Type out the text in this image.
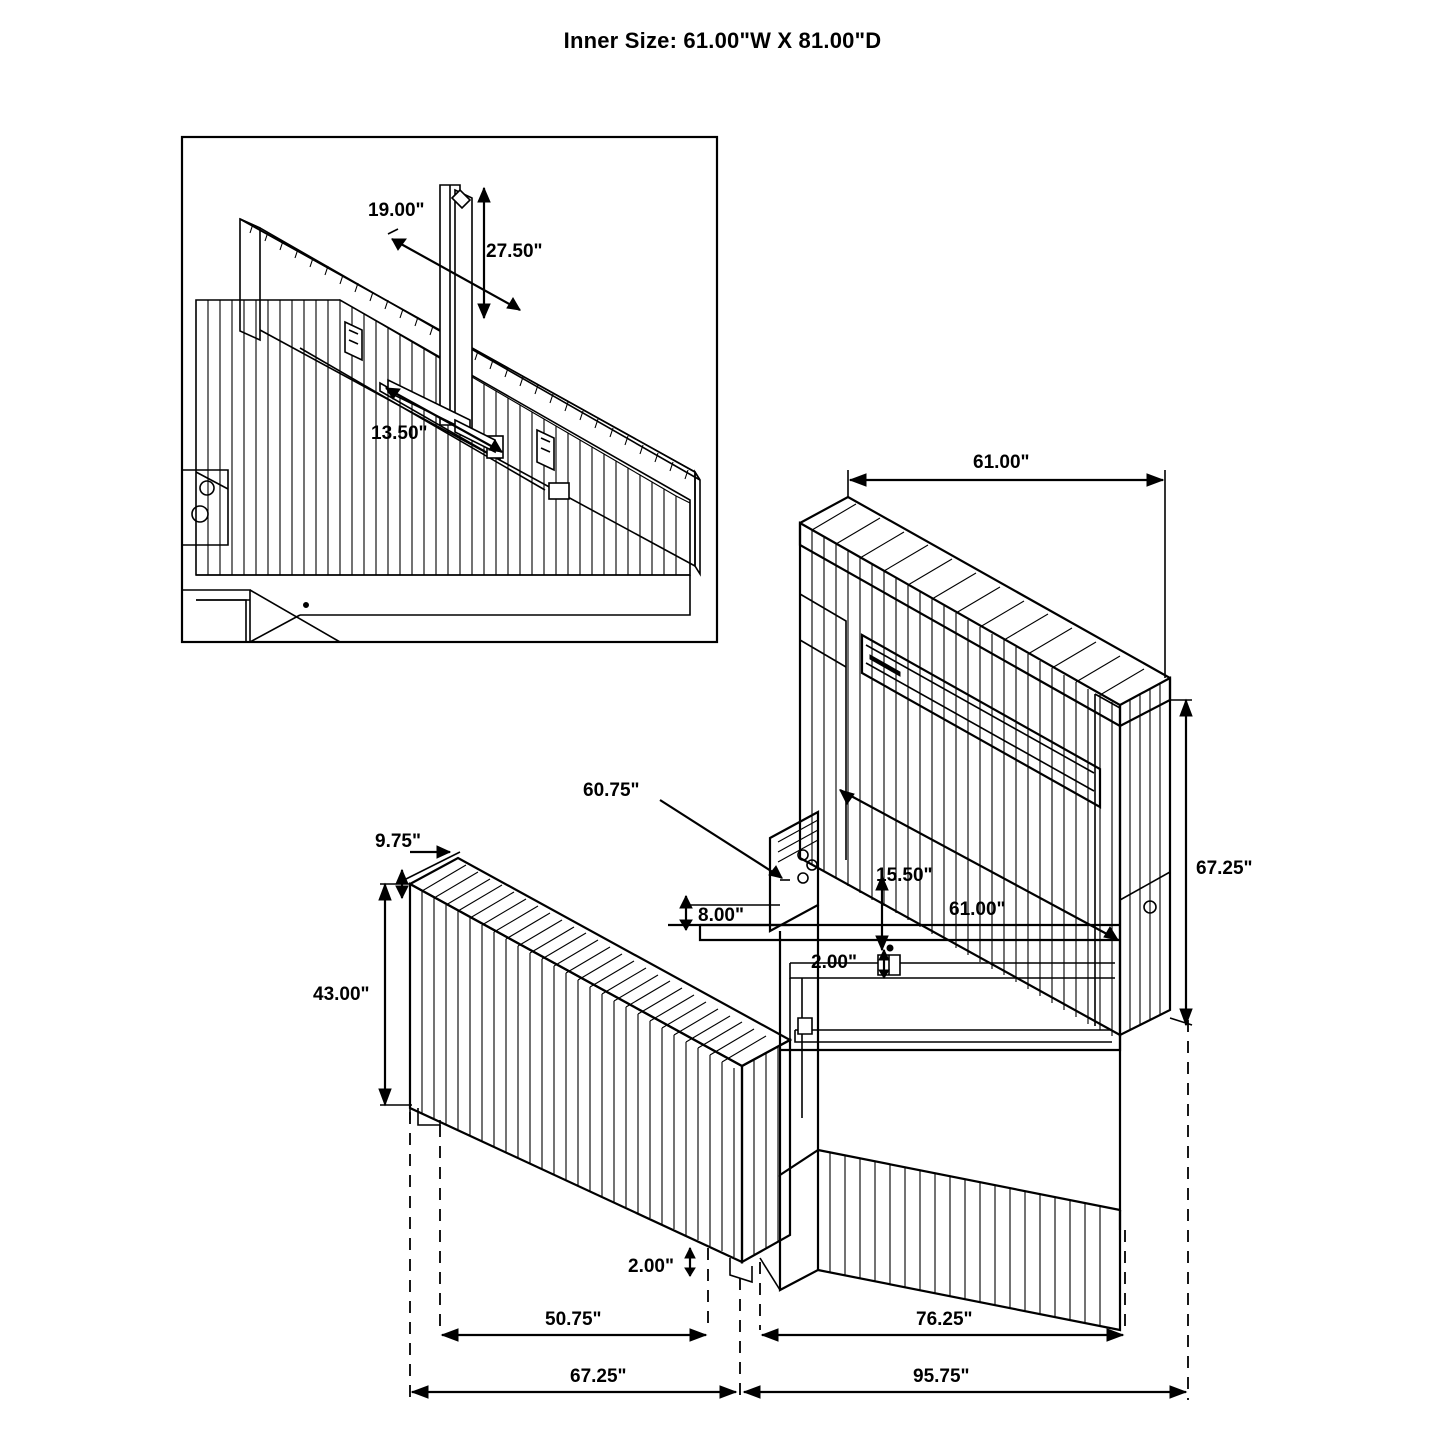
Inner Size: 61.00"W X 81.00"D
19.00"
27.50"
13.50"
61.00"
67.25"
60.75"
9.75"
15.50"
8.00"	61.00"
2.00"
43.00"
2.00"
50.75"	76.25"
67.25"	95.75"
